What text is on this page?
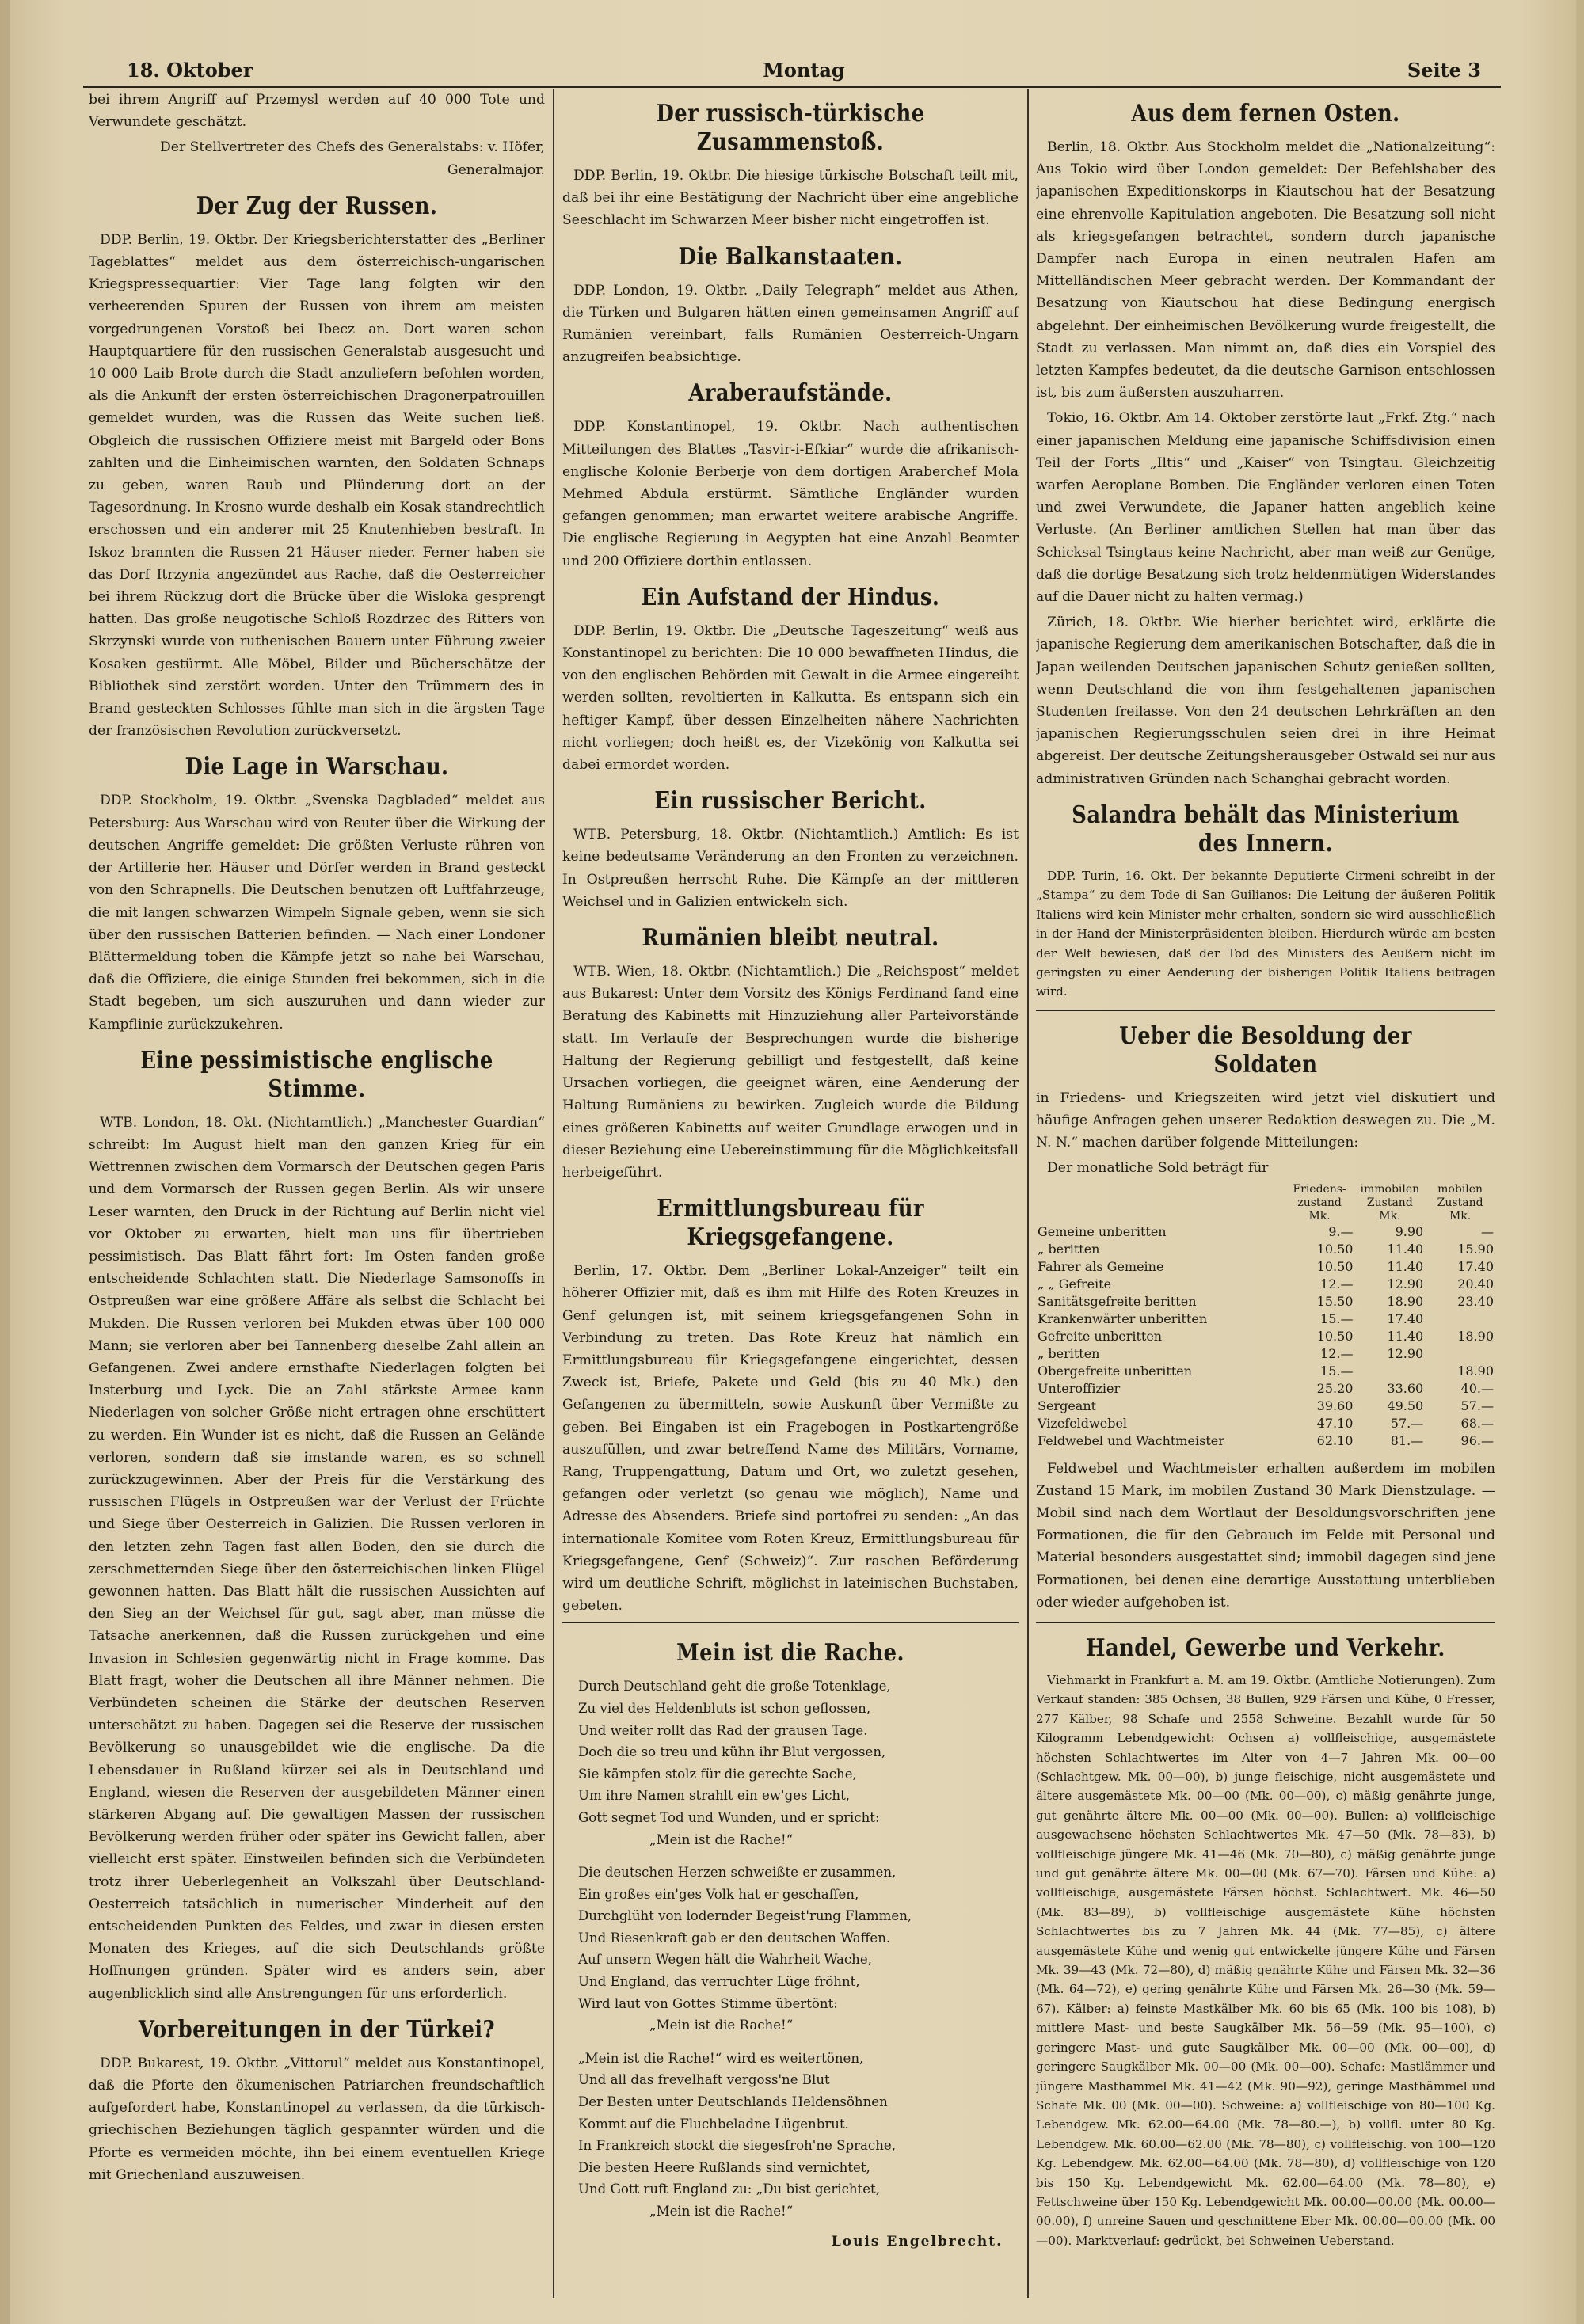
18. Oktober	Montag	Seite 3

bei ihrem Angriff auf Przemysl werden auf 40 000 Tote und Verwundete geschätzt.

Der Stellvertreter des Chefs des Generalstabs: v. Höfer, Generalmajor.

Der Zug der Russen.

DDP. Berlin, 19. Oktbr. Der Kriegsberichterstatter des „Berliner Tageblattes“ meldet aus dem österreichisch-ungarischen Kriegspressequartier: Vier Tage lang folgten wir den verheerenden Spuren der Russen von ihrem am meisten vorgedrungenen Vorstoß bei Ibecz an. Dort waren schon Hauptquartiere für den russischen Generalstab ausgesucht und 10 000 Laib Brote durch die Stadt anzuliefern befohlen worden, als die Ankunft der ersten österreichischen Dragonerpatrouillen gemeldet wurden, was die Russen das Weite suchen ließ. Obgleich die russischen Offiziere meist mit Bargeld oder Bons zahlten und die Einheimischen warnten, den Soldaten Schnaps zu geben, waren Raub und Plünderung dort an der Tagesordnung. In Krosno wurde deshalb ein Kosak standrechtlich erschossen und ein anderer mit 25 Knutenhieben bestraft. In Iskoz brannten die Russen 21 Häuser nieder. Ferner haben sie das Dorf Itrzynia angezündet aus Rache, daß die Oesterreicher bei ihrem Rückzug dort die Brücke über die Wisloka gesprengt hatten. Das große neugotische Schloß Rozdrzec des Ritters von Skrzynski wurde von ruthenischen Bauern unter Führung zweier Kosaken gestürmt. Alle Möbel, Bilder und Bücherschätze der Bibliothek sind zerstört worden. Unter den Trümmern des in Brand gesteckten Schlosses fühlte man sich in die ärgsten Tage der französischen Revolution zurückversetzt.

Die Lage in Warschau.

DDP. Stockholm, 19. Oktbr. „Svenska Dagbladed“ meldet aus Petersburg: Aus Warschau wird von Reuter über die Wirkung der deutschen Angriffe gemeldet: Die größten Verluste rühren von der Artillerie her. Häuser und Dörfer werden in Brand gesteckt von den Schrapnells. Die Deutschen benutzen oft Luftfahrzeuge, die mit langen schwarzen Wimpeln Signale geben, wenn sie sich über den russischen Batterien befinden. — Nach einer Londoner Blättermeldung toben die Kämpfe jetzt so nahe bei Warschau, daß die Offiziere, die einige Stunden frei bekommen, sich in die Stadt begeben, um sich auszuruhen und dann wieder zur Kampflinie zurückzukehren.

Eine pessimistische englische Stimme.

WTB. London, 18. Okt. (Nichtamtlich.) „Manchester Guardian“ schreibt: Im August hielt man den ganzen Krieg für ein Wettrennen zwischen dem Vormarsch der Deutschen gegen Paris und dem Vormarsch der Russen gegen Berlin. Als wir unsere Leser warnten, den Druck in der Richtung auf Berlin nicht viel vor Oktober zu erwarten, hielt man uns für übertrieben pessimistisch. Das Blatt fährt fort: Im Osten fanden große entscheidende Schlachten statt. Die Niederlage Samsonoffs in Ostpreußen war eine größere Affäre als selbst die Schlacht bei Mukden. Die Russen verloren bei Mukden etwas über 100 000 Mann; sie verloren aber bei Tannenberg dieselbe Zahl allein an Gefangenen. Zwei andere ernsthafte Niederlagen folgten bei Insterburg und Lyck. Die an Zahl stärkste Armee kann Niederlagen von solcher Größe nicht ertragen ohne erschüttert zu werden. Ein Wunder ist es nicht, daß die Russen an Gelände verloren, sondern daß sie imstande waren, es so schnell zurückzugewinnen. Aber der Preis für die Verstärkung des russischen Flügels in Ostpreußen war der Verlust der Früchte und Siege über Oesterreich in Galizien. Die Russen verloren in den letzten zehn Tagen fast allen Boden, den sie durch die zerschmetternden Siege über den österreichischen linken Flügel gewonnen hatten. Das Blatt hält die russischen Aussichten auf den Sieg an der Weichsel für gut, sagt aber, man müsse die Tatsache anerkennen, daß die Russen zurückgehen und eine Invasion in Schlesien gegenwärtig nicht in Frage komme. Das Blatt fragt, woher die Deutschen all ihre Männer nehmen. Die Verbündeten scheinen die Stärke der deutschen Reserven unterschätzt zu haben. Dagegen sei die Reserve der russischen Bevölkerung so unausgebildet wie die englische. Da die Lebensdauer in Rußland kürzer sei als in Deutschland und England, wiesen die Reserven der ausgebildeten Männer einen stärkeren Abgang auf. Die gewaltigen Massen der russischen Bevölkerung werden früher oder später ins Gewicht fallen, aber vielleicht erst später. Einstweilen befinden sich die Verbündeten trotz ihrer Ueberlegenheit an Volkszahl über Deutschland-Oesterreich tatsächlich in numerischer Minderheit auf den entscheidenden Punkten des Feldes, und zwar in diesen ersten Monaten des Krieges, auf die sich Deutschlands größte Hoffnungen gründen. Später wird es anders sein, aber augenblicklich sind alle Anstrengungen für uns erforderlich.

Vorbereitungen in der Türkei?

DDP. Bukarest, 19. Oktbr. „Vittorul“ meldet aus Konstantinopel, daß die Pforte den ökumenischen Patriarchen freundschaftlich aufgefordert habe, Konstantinopel zu verlassen, da die türkisch-griechischen Beziehungen täglich gespannter würden und die Pforte es vermeiden möchte, ihn bei einem eventuellen Kriege mit Griechenland auszuweisen.

Der russisch-türkische Zusammenstoß.

DDP. Berlin, 19. Oktbr. Die hiesige türkische Botschaft teilt mit, daß bei ihr eine Bestätigung der Nachricht über eine angebliche Seeschlacht im Schwarzen Meer bisher nicht eingetroffen ist.

Die Balkanstaaten.

DDP. London, 19. Oktbr. „Daily Telegraph“ meldet aus Athen, die Türken und Bulgaren hätten einen gemeinsamen Angriff auf Rumänien vereinbart, falls Rumänien Oesterreich-Ungarn anzugreifen beabsichtige.

Araberaufstände.

DDP. Konstantinopel, 19. Oktbr. Nach authentischen Mitteilungen des Blattes „Tasvir-i-Efkiar“ wurde die afrikanisch-englische Kolonie Berberje von dem dortigen Araberchef Mola Mehmed Abdula erstürmt. Sämtliche Engländer wurden gefangen genommen; man erwartet weitere arabische Angriffe. Die englische Regierung in Aegypten hat eine Anzahl Beamter und 200 Offiziere dorthin entlassen.

Ein Aufstand der Hindus.

DDP. Berlin, 19. Oktbr. Die „Deutsche Tageszeitung“ weiß aus Konstantinopel zu berichten: Die 10 000 bewaffneten Hindus, die von den englischen Behörden mit Gewalt in die Armee eingereiht werden sollten, revoltierten in Kalkutta. Es entspann sich ein heftiger Kampf, über dessen Einzelheiten nähere Nachrichten nicht vorliegen; doch heißt es, der Vizekönig von Kalkutta sei dabei ermordet worden.

Ein russischer Bericht.

WTB. Petersburg, 18. Oktbr. (Nichtamtlich.) Amtlich: Es ist keine bedeutsame Veränderung an den Fronten zu verzeichnen. In Ostpreußen herrscht Ruhe. Die Kämpfe an der mittleren Weichsel und in Galizien entwickeln sich.

Rumänien bleibt neutral.

WTB. Wien, 18. Oktbr. (Nichtamtlich.) Die „Reichspost“ meldet aus Bukarest: Unter dem Vorsitz des Königs Ferdinand fand eine Beratung des Kabinetts mit Hinzuziehung aller Parteivorstände statt. Im Verlaufe der Besprechungen wurde die bisherige Haltung der Regierung gebilligt und festgestellt, daß keine Ursachen vorliegen, die geeignet wären, eine Aenderung der Haltung Rumäniens zu bewirken. Zugleich wurde die Bildung eines größeren Kabinetts auf weiter Grundlage erwogen und in dieser Beziehung eine Uebereinstimmung für die Möglichkeitsfall herbeigeführt.

Ermittlungsbureau für Kriegsgefangene.

Berlin, 17. Oktbr. Dem „Berliner Lokal-Anzeiger“ teilt ein höherer Offizier mit, daß es ihm mit Hilfe des Roten Kreuzes in Genf gelungen ist, mit seinem kriegsgefangenen Sohn in Verbindung zu treten. Das Rote Kreuz hat nämlich ein Ermittlungsbureau für Kriegsgefangene eingerichtet, dessen Zweck ist, Briefe, Pakete und Geld (bis zu 40 Mk.) den Gefangenen zu übermitteln, sowie Auskunft über Vermißte zu geben. Bei Eingaben ist ein Fragebogen in Postkartengröße auszufüllen, und zwar betreffend Name des Militärs, Vorname, Rang, Truppengattung, Datum und Ort, wo zuletzt gesehen, gefangen oder verletzt (so genau wie möglich), Name und Adresse des Absenders. Briefe sind portofrei zu senden: „An das internationale Komitee vom Roten Kreuz, Ermittlungsbureau für Kriegsgefangene, Genf (Schweiz)“. Zur raschen Beförderung wird um deutliche Schrift, möglichst in lateinischen Buchstaben, gebeten.

Mein ist die Rache.
Durch Deutschland geht die große Totenklage,
Zu viel des Heldenbluts ist schon geflossen,
Und weiter rollt das Rad der grausen Tage.
Doch die so treu und kühn ihr Blut vergossen,
Sie kämpfen stolz für die gerechte Sache,
Um ihre Namen strahlt ein ew'ges Licht,
Gott segnet Tod und Wunden, und er spricht:
„Mein ist die Rache!“
Die deutschen Herzen schweißte er zusammen,
Ein großes ein'ges Volk hat er geschaffen,
Durchglüht von lodernder Begeist'rung Flammen,
Und Riesenkraft gab er den deutschen Waffen.
Auf unsern Wegen hält die Wahrheit Wache,
Und England, das verruchter Lüge fröhnt,
Wird laut von Gottes Stimme übertönt:
„Mein ist die Rache!“
„Mein ist die Rache!“ wird es weitertönen,
Und all das frevelhaft vergoss'ne Blut
Der Besten unter Deutschlands Heldensöhnen
Kommt auf die Fluchbeladne Lügenbrut.
In Frankreich stockt die siegesfroh'ne Sprache,
Die besten Heere Rußlands sind vernichtet,
Und Gott ruft England zu: „Du bist gerichtet,
„Mein ist die Rache!“
Louis Engelbrecht.
Aus dem fernen Osten.

Berlin, 18. Oktbr. Aus Stockholm meldet die „Nationalzeitung“: Aus Tokio wird über London gemeldet: Der Befehlshaber des japanischen Expeditionskorps in Kiautschou hat der Besatzung eine ehrenvolle Kapitulation angeboten. Die Besatzung soll nicht als kriegsgefangen betrachtet, sondern durch japanische Dampfer nach Europa in einen neutralen Hafen am Mittelländischen Meer gebracht werden. Der Kommandant der Besatzung von Kiautschou hat diese Bedingung energisch abgelehnt. Der einheimischen Bevölkerung wurde freigestellt, die Stadt zu verlassen. Man nimmt an, daß dies ein Vorspiel des letzten Kampfes bedeutet, da die deutsche Garnison entschlossen ist, bis zum äußersten auszuharren.

Tokio, 16. Oktbr. Am 14. Oktober zerstörte laut „Frkf. Ztg.“ nach einer japanischen Meldung eine japanische Schiffsdivision einen Teil der Forts „Iltis“ und „Kaiser“ von Tsingtau. Gleichzeitig warfen Aeroplane Bomben. Die Engländer verloren einen Toten und zwei Verwundete, die Japaner hatten angeblich keine Verluste. (An Berliner amtlichen Stellen hat man über das Schicksal Tsingtaus keine Nachricht, aber man weiß zur Genüge, daß die dortige Besatzung sich trotz heldenmütigen Widerstandes auf die Dauer nicht zu halten vermag.)

Zürich, 18. Oktbr. Wie hierher berichtet wird, erklärte die japanische Regierung dem amerikanischen Botschafter, daß die in Japan weilenden Deutschen japanischen Schutz genießen sollten, wenn Deutschland die von ihm festgehaltenen japanischen Studenten freilasse. Von den 24 deutschen Lehrkräften an den japanischen Regierungsschulen seien drei in ihre Heimat abgereist. Der deutsche Zeitungsherausgeber Ostwald sei nur aus administrativen Gründen nach Schanghai gebracht worden.

Salandra behält das Ministerium des Innern.

DDP. Turin, 16. Okt. Der bekannte Deputierte Cirmeni schreibt in der „Stampa“ zu dem Tode di San Guilianos: Die Leitung der äußeren Politik Italiens wird kein Minister mehr erhalten, sondern sie wird ausschließlich in der Hand der Ministerpräsidenten bleiben. Hierdurch würde am besten der Welt bewiesen, daß der Tod des Ministers des Aeußern nicht im geringsten zu einer Aenderung der bisherigen Politik Italiens beitragen wird.

Ueber die Besoldung der Soldaten

in Friedens- und Kriegszeiten wird jetzt viel diskutiert und häufige Anfragen gehen unserer Redaktion deswegen zu. Die „M. N. N.“ machen darüber folgende Mitteilungen:

Der monatliche Sold beträgt für

	Friedens-zustand Mk.	immobilen Zustand Mk.	mobilen Zustand Mk.
Gemeine unberitten	9.—	9.90	—
„ beritten	10.50	11.40	15.90
Fahrer als Gemeine	10.50	11.40	17.40
„ „ Gefreite	12.—	12.90	20.40
Sanitätsgefreite beritten	15.50	18.90	23.40
Krankenwärter unberitten	15.—	17.40	
Gefreite unberitten	10.50	11.40	18.90
„ beritten	12.—	12.90	
Obergefreite unberitten	15.—		18.90
Unteroffizier	25.20	33.60	40.—
Sergeant	39.60	49.50	57.—
Vizefeldwebel	47.10	57.—	68.—
Feldwebel und Wachtmeister	62.10	81.—	96.—

Feldwebel und Wachtmeister erhalten außerdem im mobilen Zustand 15 Mark, im mobilen Zustand 30 Mark Dienstzulage. — Mobil sind nach dem Wortlaut der Besoldungsvorschriften jene Formationen, die für den Gebrauch im Felde mit Personal und Material besonders ausgestattet sind; immobil dagegen sind jene Formationen, bei denen eine derartige Ausstattung unterblieben oder wieder aufgehoben ist.

Handel, Gewerbe und Verkehr.

Viehmarkt in Frankfurt a. M. am 19. Oktbr. (Amtliche Notierungen). Zum Verkauf standen: 385 Ochsen, 38 Bullen, 929 Färsen und Kühe, 0 Fresser, 277 Kälber, 98 Schafe und 2558 Schweine. Bezahlt wurde für 50 Kilogramm Lebendgewicht: Ochsen a) vollfleischige, ausgemästete höchsten Schlachtwertes im Alter von 4—7 Jahren Mk. 00—00 (Schlachtgew. Mk. 00—00), b) junge fleischige, nicht ausgemästete und ältere ausgemästete Mk. 00—00 (Mk. 00—00), c) mäßig genährte junge, gut genährte ältere Mk. 00—00 (Mk. 00—00). Bullen: a) vollfleischige ausgewachsene höchsten Schlachtwertes Mk. 47—50 (Mk. 78—83), b) vollfleischige jüngere Mk. 41—46 (Mk. 70—80), c) mäßig genährte junge und gut genährte ältere Mk. 00—00 (Mk. 67—70). Färsen und Kühe: a) vollfleischige, ausgemästete Färsen höchst. Schlachtwert. Mk. 46—50 (Mk. 83—89), b) vollfleischige ausgemästete Kühe höchsten Schlachtwertes bis zu 7 Jahren Mk. 44 (Mk. 77—85), c) ältere ausgemästete Kühe und wenig gut entwickelte jüngere Kühe und Färsen Mk. 39—43 (Mk. 72—80), d) mäßig genährte Kühe und Färsen Mk. 32—36 (Mk. 64—72), e) gering genährte Kühe und Färsen Mk. 26—30 (Mk. 59—67). Kälber: a) feinste Mastkälber Mk. 60 bis 65 (Mk. 100 bis 108), b) mittlere Mast- und beste Saugkälber Mk. 56—59 (Mk. 95—100), c) geringere Mast- und gute Saugkälber Mk. 00—00 (Mk. 00—00), d) geringere Saugkälber Mk. 00—00 (Mk. 00—00). Schafe: Mastlämmer und jüngere Masthammel Mk. 41—42 (Mk. 90—92), geringe Masthämmel und Schafe Mk. 00 (Mk. 00—00). Schweine: a) vollfleischige von 80—100 Kg. Lebendgew. Mk. 62.00—64.00 (Mk. 78—80.—), b) vollfl. unter 80 Kg. Lebendgew. Mk. 60.00—62.00 (Mk. 78—80), c) vollfleischig. von 100—120 Kg. Lebendgew. Mk. 62.00—64.00 (Mk. 78—80), d) vollfleischige von 120 bis 150 Kg. Lebendgewicht Mk. 62.00—64.00 (Mk. 78—80), e) Fettschweine über 150 Kg. Lebendgewicht Mk. 00.00—00.00 (Mk. 00.00—00.00), f) unreine Sauen und geschnittene Eber Mk. 00.00—00.00 (Mk. 00—00). Marktverlauf: gedrückt, bei Schweinen Ueberstand.
